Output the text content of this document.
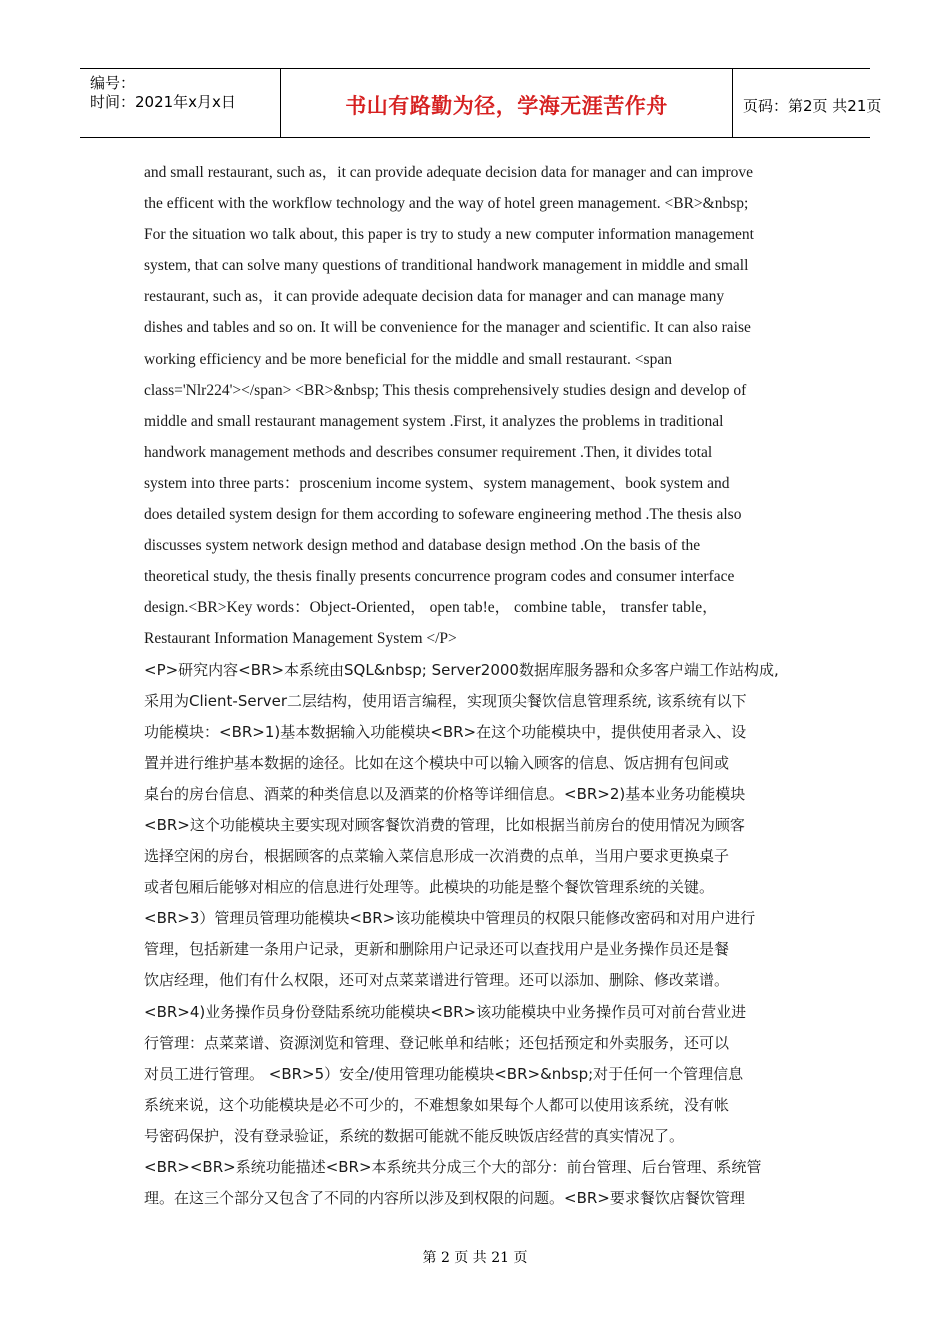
编号：
时间：2021年x月x日	书山有路勤为径，学海无涯苦作舟	页码：第2页 共21页
and small restaurant, such as，it can provide adequate decision data for manager and can improve
the efficent with the workflow technology and the way of hotel green management. <BR>&nbsp;
For the situation wo talk about, this paper is try to study a new computer information management
system, that can solve many questions of tranditional handwork management in middle and small
restaurant, such as，it can provide adequate decision data for manager and can manage many
dishes and tables and so on. It will be convenience for the manager and scientific. It can also raise
working efficiency and be more beneficial for the middle and small restaurant. <span
class='Nlr224'></span> <BR>&nbsp; This thesis comprehensively studies design and develop of
middle and small restaurant management system .First, it analyzes the problems in traditional
handwork management methods and describes consumer requirement .Then, it divides total
system into three parts：proscenium income system、system management、book system and
does detailed system design for them according to sofeware engineering method .The thesis also
discusses system network design method and database design method .On the basis of the
theoretical study, the thesis finally presents concurrence program codes and consumer interface
design.<BR>Key words：Object-Oriented， open tab!e， combine table， transfer table，
Restaurant Information Management System </P>
<P>研究内容<BR>本系统由SQL&nbsp; Server2000数据库服务器和众多客户端工作站构成,
采用为Client-Server二层结构，使用语言编程，实现顶尖餐饮信息管理系统, 该系统有以下
功能模块：<BR>1)基本数据输入功能模块<BR>在这个功能模块中，提供使用者录入、设
置并进行维护基本数据的途径。比如在这个模块中可以输入顾客的信息、饭店拥有包间或
桌台的房台信息、酒菜的种类信息以及酒菜的价格等详细信息。<BR>2)基本业务功能模块
<BR>这个功能模块主要实现对顾客餐饮消费的管理，比如根据当前房台的使用情况为顾客
选择空闲的房台，根据顾客的点菜输入菜信息形成一次消费的点单，当用户要求更换桌子
或者包厢后能够对相应的信息进行处理等。此模块的功能是整个餐饮管理系统的关键。
<BR>3）管理员管理功能模块<BR>该功能模块中管理员的权限只能修改密码和对用户进行
管理，包括新建一条用户记录，更新和删除用户记录还可以查找用户是业务操作员还是餐
饮店经理，他们有什么权限，还可对点菜菜谱进行管理。还可以添加、删除、修改菜谱。
<BR>4)业务操作员身份登陆系统功能模块<BR>该功能模块中业务操作员可对前台营业进
行管理：点菜菜谱、资源浏览和管理、登记帐单和结帐；还包括预定和外卖服务，还可以
对员工进行管理。 <BR>5）安全/使用管理功能模块<BR>&nbsp;对于任何一个管理信息
系统来说，这个功能模块是必不可少的，不难想象如果每个人都可以使用该系统，没有帐
号密码保护，没有登录验证，系统的数据可能就不能反映饭店经营的真实情况了。
<BR><BR>系统功能描述<BR>本系统共分成三个大的部分：前台管理、后台管理、系统管
理。在这三个部分又包含了不同的内容所以涉及到权限的问题。<BR>要求餐饮店餐饮管理
第 2 页 共 21 页
